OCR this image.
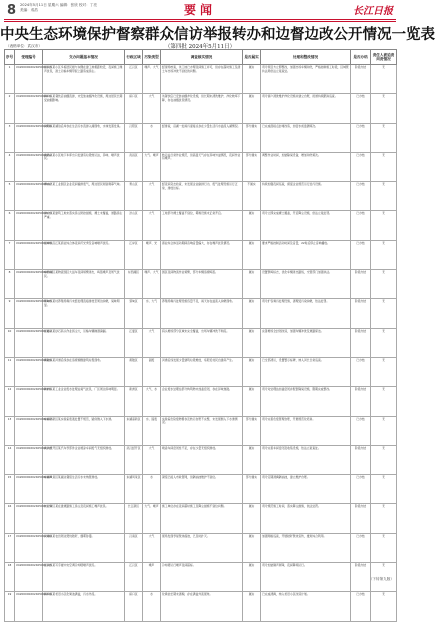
8 2024年5月11日 星期六 编辑：张欣 校对：丁亮 美编：成浩	要闻	长江日报
中央生态环境保护督察群众信访举报转办和边督边改公开情况一览表
（表格单位：武汉市）	（第四批 2024年5月11日）
序号	受理编号	交办问题基本情况	行政区域	污染类型	调查核实情况	是否属实	处理和整改情况	是否办结	责任人被追责问责情况

1	X4200000202405090015	江汉区某小区多栋居民楼与东侧在建工地相距较近，夜间施工噪声扰民，渣土运输车辆带泥上路造成扬尘。	江汉区	噪声、大气	经现场核查，该工地已办理夜间施工许可，但存在超时施工及渣土车出场冲洗不到位的问题。	属实	责令项目方立即整改，加强出场车辆冲洗，严格控制施工时段，区城管执法局依法立案查处。	阶段办结	无

2	X4200000202405090031	硚口区某餐饮店油烟直排，未安装油烟净化设施，周边居民长期受油烟影响。	硚口区	大气	该餐饮店已安装油烟净化设施，但长期未清洗维护，净化效率下降，存在油烟扰民情况。	属实	责令商户清洗维护净化设施并建立台账，街道持续跟踪巡查。	已办结	无

3	X4200000202405090046	汉阳区某湖泊沿岸存在生活污水直排入湖现象，水体发黑发臭。	汉阳区	水	经排查，沿湖一处雨污混接点存在少量生活污水溢流入湖情况。	部分属实	已完成混接点封堵改造，加密水质监测频次。	已办结	无

4	X4200000202405090052	武昌区某小区地下车库出口处建有垃圾转运站，异味、噪声扰民。	武昌区	大气、噪声	转运站日常作业规范，但高温天气存在异味外溢情况，夜间作业有噪声。	部分属实	调整作业时间，加装除臭设备，增加冲洗频次。	已办结	无

5	X4200000202405090067	青山区某工业园区企业夜间偷排废气，周边居民闻到刺鼻气味。	青山区	大气	经夜间突击检查，未发现企业偷排行为，废气处理设施运行正常，排放达标。	不属实	持续加强夜间巡查，督促企业规范运行治污设施。	已办结	无

6	X4200000202405090073	洪山区某建筑工地未落实扬尘防控措施，裸土未覆盖，道路扬尘严重。	洪山区	大气	工地部分裸土覆盖不到位，雾炮设施未正常开启。	属实	责令立即完成裸土覆盖，开启降尘设施，依法立案处罚。	已办结	无

7	X4200000202405090088	江岸区沿江某商业综合体夜间灯光秀及音响噪声扰民。	江岸区	噪声、光	商业综合体活动期间音响音量偏大，存在噪声扰民情况。	属实	要求严格控制活动时间及音量，22时后停止音响播放。	已办结	无

8	X4200000202405090094	东西湖区某物流园区大货车夜间频繁进出，鸣笛噪声及尾气扰民。	东西湖区	噪声、大气	园区夜间物流作业频繁，部分车辆违规鸣笛。	属实	设置禁鸣标志，优化车辆进出路线，交管部门加强执法。	阶段办结	无

9	X4200000202405090105	蔡甸区某村养殖场粪污未经处理直接排放至周边沟渠，臭味明显。	蔡甸区	水、大气	养殖场粪污处理设施容量不足，雨天存在溢流入沟渠现象。	属实	责令扩容粪污处理设施，清理受污染沟渠，依法处罚。	阶段办结	无

10	X4200000202405090112	江夏区某砂石码头作业扬尘大，运输车辆抛洒滴漏。	江夏区	大气	码头堆场部分区域未完全覆盖，出场车辆冲洗不彻底。	属实	完善堆场全封闭改造，加强车辆冲洗及道路保洁。	阶段办结	无

11	X4200000202405090126	黄陂区某河道沿线存在违规倾倒建筑垃圾现象。	黄陂区	固废	河道沿线发现少量建筑垃圾堆放，系附近村民自建房产生。	属实	已全部清运，设置警示标牌，纳入河长日常巡查。	已办结	无

12	X4200000202405090131	新洲区某工业企业废水处理站臭气扰民，厂区周边异味明显。	新洲区	大气、水	企业废水处理站部分构筑物未加盖密闭，存在异味逸散。	属实	责令对处理站加盖密闭并配套除臭设施，限期完成整改。	阶段办结	无

13	X4200000202405090147	东湖高新区某实验室废液处置不规范，疑似倒入下水道。	东湖高新区	水、固废	实验室危险废物暂存及转运台账不完整，未发现倒入下水道情况。	部分属实	责令完善危废管理台账，开展规范化培训。	已办结	无

14	X4200000202405090153	武汉经开区某汽车零部件企业喷涂车间废气无组织排放。	武汉经开区	大气	喷涂车间密闭性不足，存在少量无组织排放。	属实	责令完善车间密闭及收集设施，依法立案查处。	阶段办结	无

15	X4200000202405090168	东湖风景区某湖边餐馆生活污水未纳管排放。	东湖风景区	水	餐馆已接入市政管网，但隔油池维护不到位。	部分属实	责令定期清掏隔油池，建立维护台账。	已办结	无

16	X4200000202405090174	长江新区某在建道路施工扬尘及夜间施工噪声扰民。	长江新区	大气、噪声	施工单位存在夜间超时施工及降尘措施不到位问题。	属实	责令规范施工时间，落实降尘措施，依法处罚。	阶段办结	无

17	X4200000202405090189	汉南区某农田周边焚烧秸秆，烟雾弥漫。	汉南区	大气	现场发现零星焚烧痕迹，已及时扑灭。	属实	加强网格巡查，开展秸秆禁烧宣传，推进综合利用。	已办结	无

18	X4200000202405090195	江汉区某写字楼中央空调冷却塔噪声扰民。	江汉区	噪声	冷却塔运行噪声夜间超标。	属实	责令加装隔声屏障，夜间降频运行。	阶段办结	无

19	X4200000202405090206	硚口区某老旧小区化粪池满溢，污水外流。	硚口区	水	化粪池长期未清掏，存在满溢外流现象。	属实	已完成清掏，纳入老旧小区改造计划。	已办结	无
（下转第九版）
